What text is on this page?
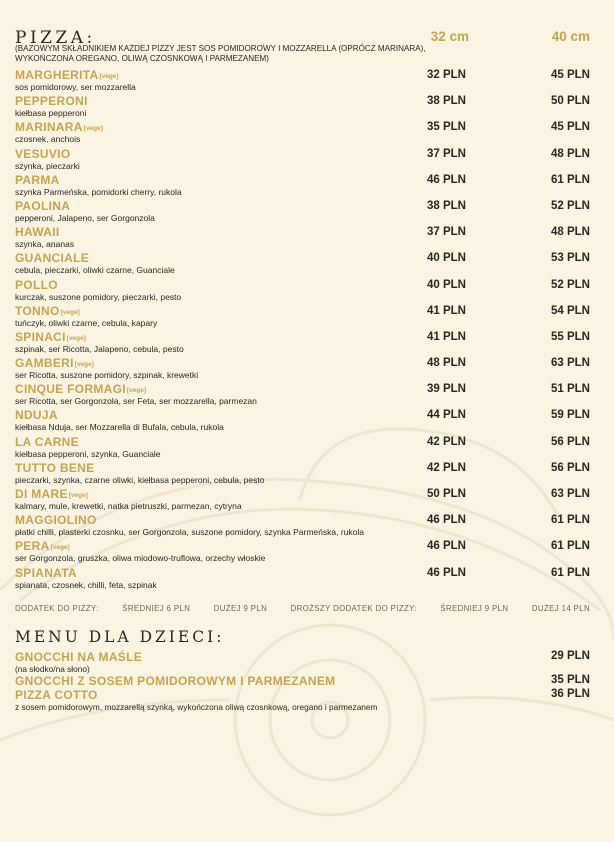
PIZZA:
(BAZOWYM SKŁADNIKIEM KAŻDEJ PIZZY JEST SOS POMIDOROWY I MOZZARELLA (OPRÓCZ MARINARA), WYKOŃCZONA OREGANO, OLIWĄ CZOSNKOWĄ I PARMEZANEM)
32 cm	40 cm
MARGHERITA[vege]
sos pomidorowy, ser mozzarella
32 PLN	45 PLN
PEPPERONI
kiełbasa pepperoni
38 PLN	50 PLN
MARINARA[vege]
czosnek, anchois
35 PLN	45 PLN
VESUVIO
szynka, pieczarki
37 PLN	48 PLN
PARMA
szynka Parmeńska, pomidorki cherry, rukola
46 PLN	61 PLN
PAOLINA
pepperoni, Jalapeno, ser Gorgonzola
38 PLN	52 PLN
HAWAII
szynka, ananas
37 PLN	48 PLN
GUANCIALE
cebula, pieczarki, oliwki czarne, Guanciale
40 PLN	53 PLN
POLLO
kurczak, suszone pomidory, pieczarki, pesto
40 PLN	52 PLN
TONNO[vege]
tuńczyk, oliwki czarne, cebula, kapary
41 PLN	54 PLN
SPINACI[vege]
szpinak, ser Ricotta, Jalapeno, cebula, pesto
41 PLN	55 PLN
GAMBERI[vege]
ser Ricotta, suszone pomidory, szpinak, krewetki
48 PLN	63 PLN
CINQUE FORMAGI[vege]
ser Ricotta, ser Gorgonzola, ser Feta, ser mozzarella, parmezan
39 PLN	51 PLN
NDUJA
kiełbasa Nduja, ser Mozzarella di Bufala, cebula, rukola
44 PLN	59 PLN
LA CARNE
kiełbasa pepperoni, szynka, Guanciale
42 PLN	56 PLN
TUTTO BENE
pieczarki, szynka, czarne oliwki, kiełbasa pepperoni, cebula, pesto
42 PLN	56 PLN
DI MARE[vege]
kalmary, mule, krewetki, natka pietruszki, parmezan, cytryna
50 PLN	63 PLN
MAGGIOLINO
płatki chilli, plasterki czosnku, ser Gorgonzola, suszone pomidory, szynka Parmeńska, rukola
46 PLN	61 PLN
PERA[vege]
ser Gorgonzola, gruszka, oliwa miodowo-truflowa, orzechy włoskie
46 PLN	61 PLN
SPIANATA
spianata, czosnek, chilli, feta, szpinak
46 PLN	61 PLN
DODATEK DO PIZZY:	ŚREDNIEJ 6 PLN	DUŻEJ 9 PLN	DROŻSZY DODATEK DO PIZZY:	ŚREDNIEJ 9 PLN	DUŻEJ 14 PLN
MENU DLA DZIECI:
GNOCCHI NA MAŚLE
(na słodko/na słono)
29 PLN
GNOCCHI Z SOSEM POMIDOROWYM I PARMEZANEM	35 PLN
PIZZA COTTO
z sosem pomidorowym, mozzarellą szynką, wykończona oliwą czosnkową, oregano i parmezanem
36 PLN
